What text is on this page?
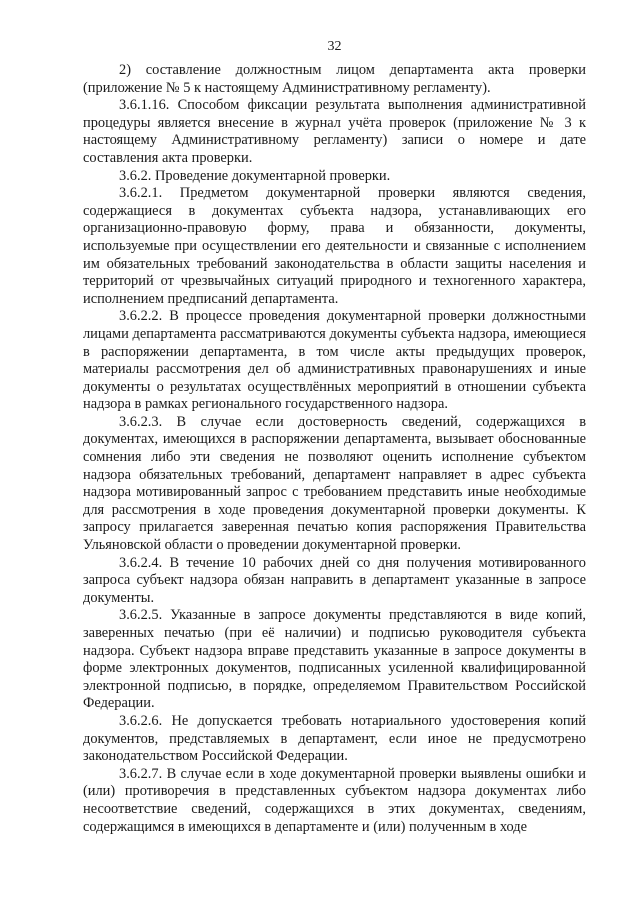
32

2) составление должностным лицом департамента акта проверки (приложение № 5 к настоящему Административному регламенту).

3.6.1.16. Способом фиксации результата выполнения административной процедуры является внесение в журнал учёта проверок (приложение № 3 к настоящему Административному регламенту) записи о номере и дате составления акта проверки.

3.6.2. Проведение документарной проверки.

3.6.2.1. Предметом документарной проверки являются сведения, содержащиеся в документах субъекта надзора, устанавливающих его организационно-правовую форму, права и обязанности, документы, используемые при осуществлении его деятельности и связанные с исполнением им обязательных требований законодательства в области защиты населения и территорий от чрезвычайных ситуаций природного и техногенного характера, исполнением предписаний департамента.

3.6.2.2. В процессе проведения документарной проверки должностными лицами департамента рассматриваются документы субъекта надзора, имеющиеся в распоряжении департамента, в том числе акты предыдущих проверок, материалы рассмотрения дел об административных правонарушениях и иные документы о результатах осуществлённых мероприятий в отношении субъекта надзора в рамках регионального государственного надзора.

3.6.2.3. В случае если достоверность сведений, содержащихся в документах, имеющихся в распоряжении департамента, вызывает обоснованные сомнения либо эти сведения не позволяют оценить исполнение субъектом надзора обязательных требований, департамент направляет в адрес субъекта надзора мотивированный запрос с требованием представить иные необходимые для рассмотрения в ходе проведения документарной проверки документы. К запросу прилагается заверенная печатью копия распоряжения Правительства Ульяновской области о проведении документарной проверки.

3.6.2.4. В течение 10 рабочих дней со дня получения мотивированного запроса субъект надзора обязан направить в департамент указанные в запросе документы.

3.6.2.5. Указанные в запросе документы представляются в виде копий, заверенных печатью (при её наличии) и подписью руководителя субъекта надзора. Субъект надзора вправе представить указанные в запросе документы в форме электронных документов, подписанных усиленной квалифицированной электронной подписью, в порядке, определяемом Правительством Российской Федерации.

3.6.2.6. Не допускается требовать нотариального удостоверения копий документов, представляемых в департамент, если иное не предусмотрено законодательством Российской Федерации.

3.6.2.7. В случае если в ходе документарной проверки выявлены ошибки и (или) противоречия в представленных субъектом надзора документах либо несоответствие сведений, содержащихся в этих документах, сведениям, содержащимся в имеющихся в департаменте и (или) полученным в ходе
